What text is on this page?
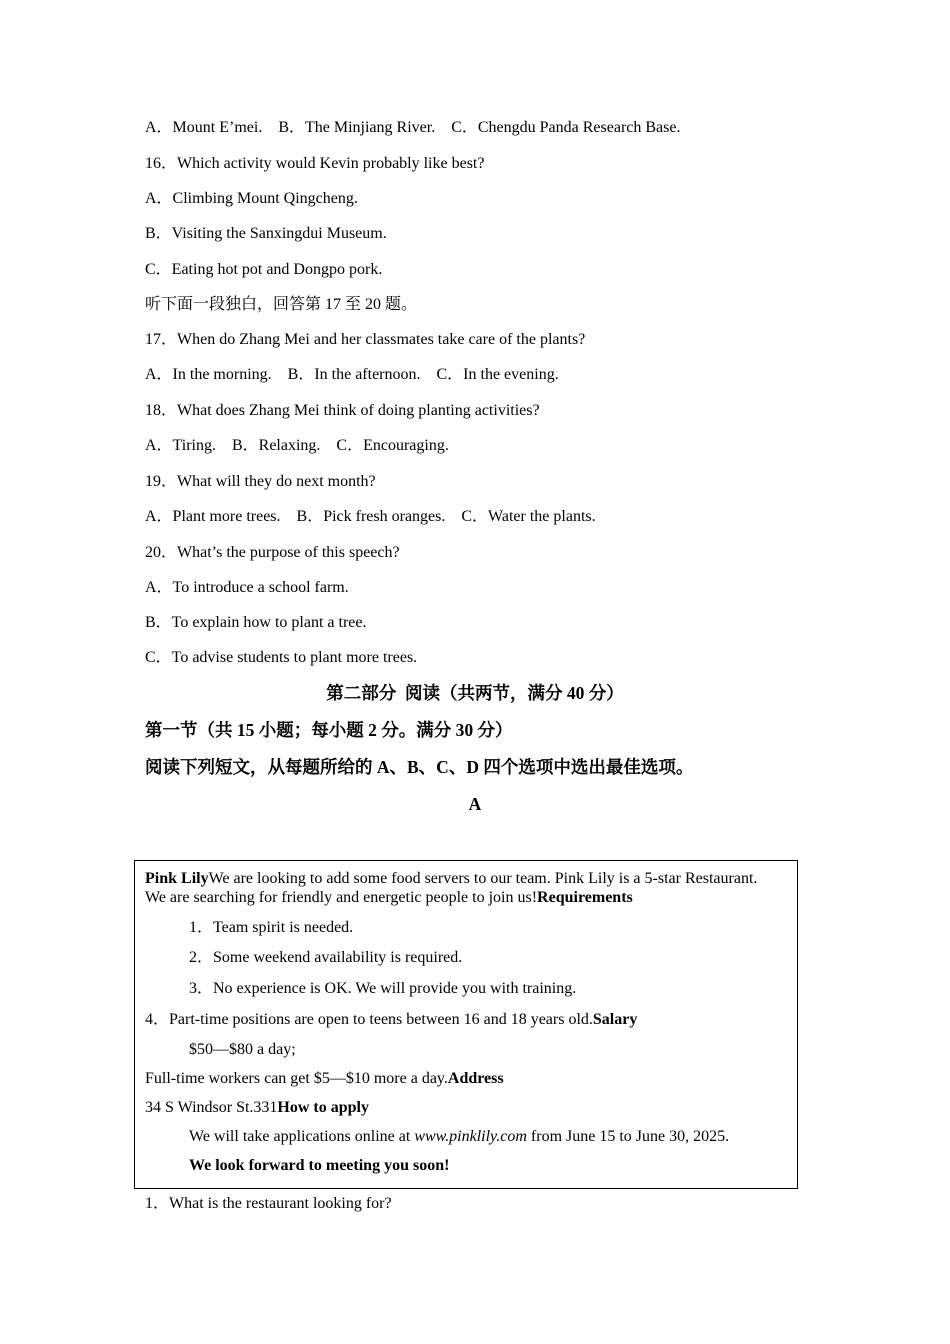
A．Mount E’mei.    B．The Minjiang River.    C．Chengdu Panda Research Base.
16．Which activity would Kevin probably like best?
A．Climbing Mount Qingcheng.
B．Visiting the Sanxingdui Museum.
C．Eating hot pot and Dongpo pork.
听下面一段独白，回答第 17 至 20 题。
17．When do Zhang Mei and her classmates take care of the plants?
A．In the morning.    B．In the afternoon.    C．In the evening.
18．What does Zhang Mei think of doing planting activities?
A．Tiring.    B．Relaxing.    C．Encouraging.
19．What will they do next month?
A．Plant more trees.    B．Pick fresh oranges.    C．Water the plants.
20．What’s the purpose of this speech?
A．To introduce a school farm.
B．To explain how to plant a tree.
C．To advise students to plant more trees.
第二部分  阅读（共两节，满分 40 分）
第一节（共 15 小题；每小题 2 分。满分 30 分）
阅读下列短文，从每题所给的 A、B、C、D 四个选项中选出最佳选项。
A
Pink LilyWe are looking to add some food servers to our team. Pink Lily is a 5-star Restaurant.
We are searching for friendly and energetic people to join us!Requirements
1．Team spirit is needed.
2．Some weekend availability is required.
3．No experience is OK. We will provide you with training.
4．Part-time positions are open to teens between 16 and 18 years old.Salary
$50—$80 a day;
Full-time workers can get $5—$10 more a day.Address
34 S Windsor St.331How to apply
We will take applications online at www.pinklily.com from June 15 to June 30, 2025.
We look forward to meeting you soon!
1．What is the restaurant looking for?
